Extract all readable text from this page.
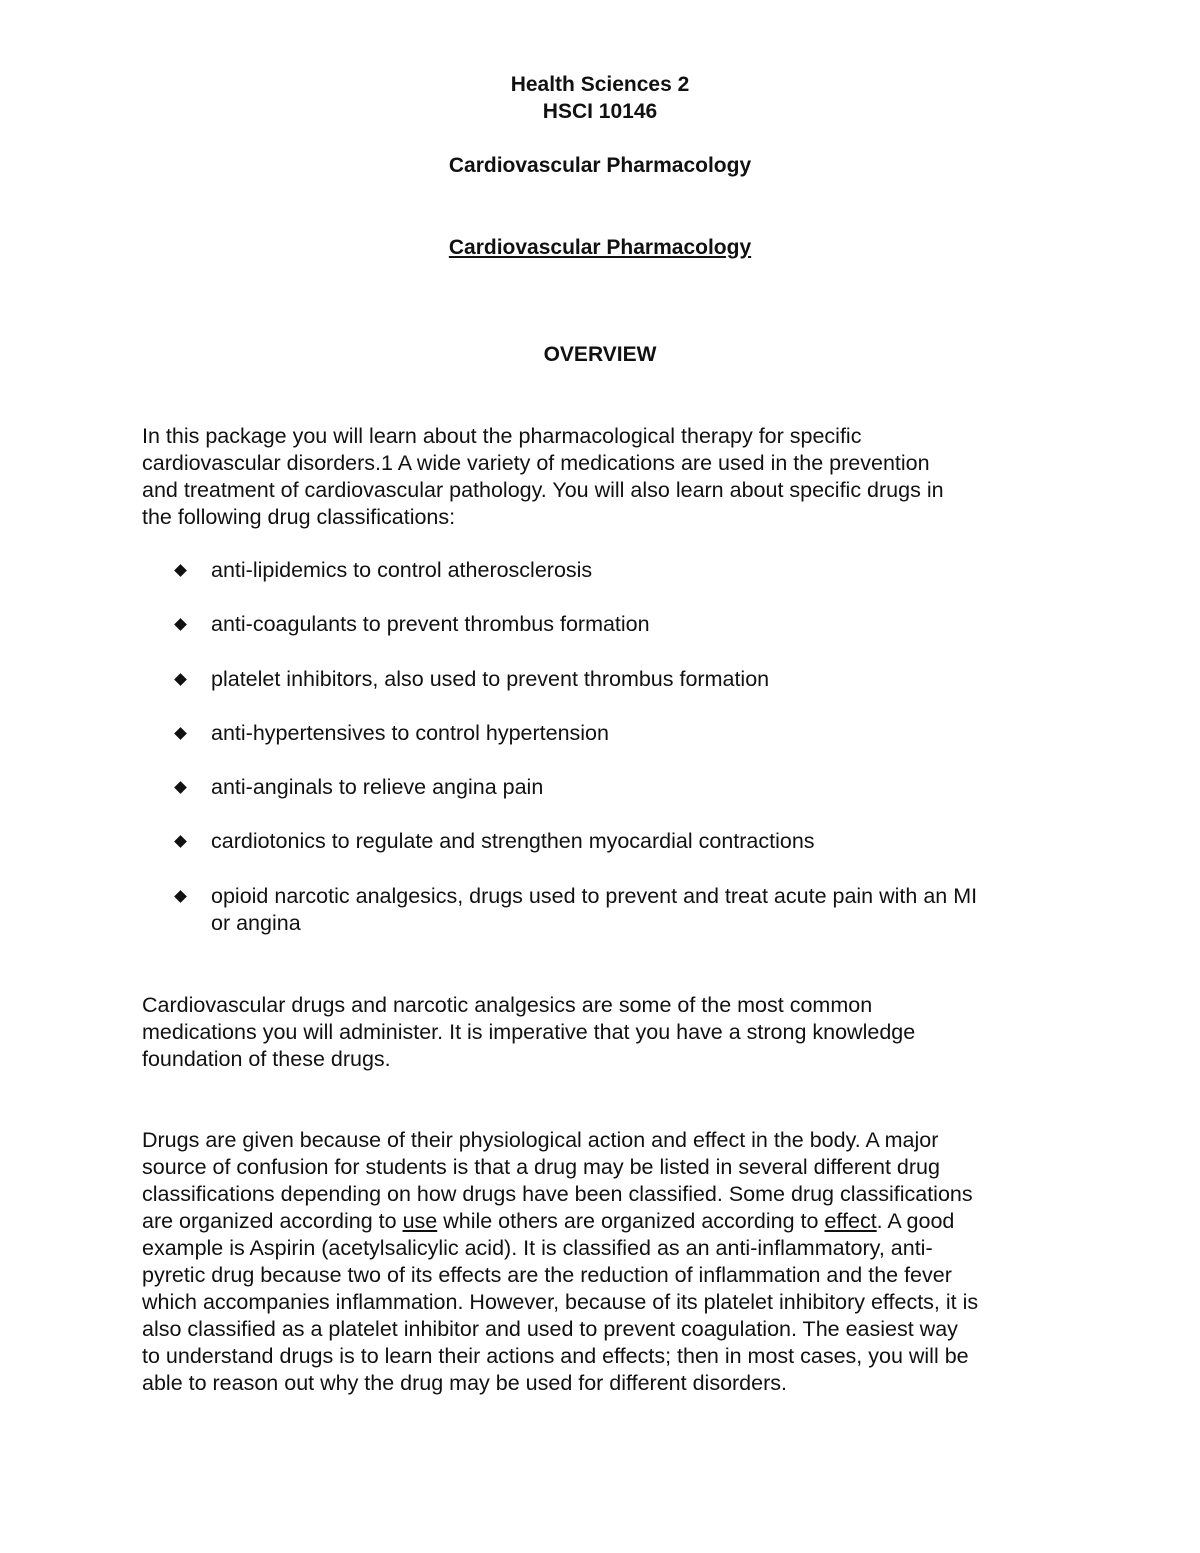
Health Sciences 2

HSCI 10146

Cardiovascular Pharmacology

Cardiovascular Pharmacology

OVERVIEW

In this package you will learn about the pharmacological therapy for specific
cardiovascular disorders.1 A wide variety of medications are used in the prevention
and treatment of cardiovascular pathology. You will also learn about specific drugs in
the following drug classifications:
anti-lipidemics to control atherosclerosis
anti-coagulants to prevent thrombus formation
platelet inhibitors, also used to prevent thrombus formation
anti-hypertensives to control hypertension
anti-anginals to relieve angina pain
cardiotonics to regulate and strengthen myocardial contractions
opioid narcotic analgesics, drugs used to prevent and treat acute pain with an MI
or angina
Cardiovascular drugs and narcotic analgesics are some of the most common
medications you will administer. It is imperative that you have a strong knowledge
foundation of these drugs.
Drugs are given because of their physiological action and effect in the body. A major
source of confusion for students is that a drug may be listed in several different drug
classifications depending on how drugs have been classified. Some drug classifications
are organized according to use while others are organized according to effect. A good
example is Aspirin (acetylsalicylic acid). It is classified as an anti-inflammatory, anti-
pyretic drug because two of its effects are the reduction of inflammation and the fever
which accompanies inflammation. However, because of its platelet inhibitory effects, it is
also classified as a platelet inhibitor and used to prevent coagulation. The easiest way
to understand drugs is to learn their actions and effects; then in most cases, you will be
able to reason out why the drug may be used for different disorders.
